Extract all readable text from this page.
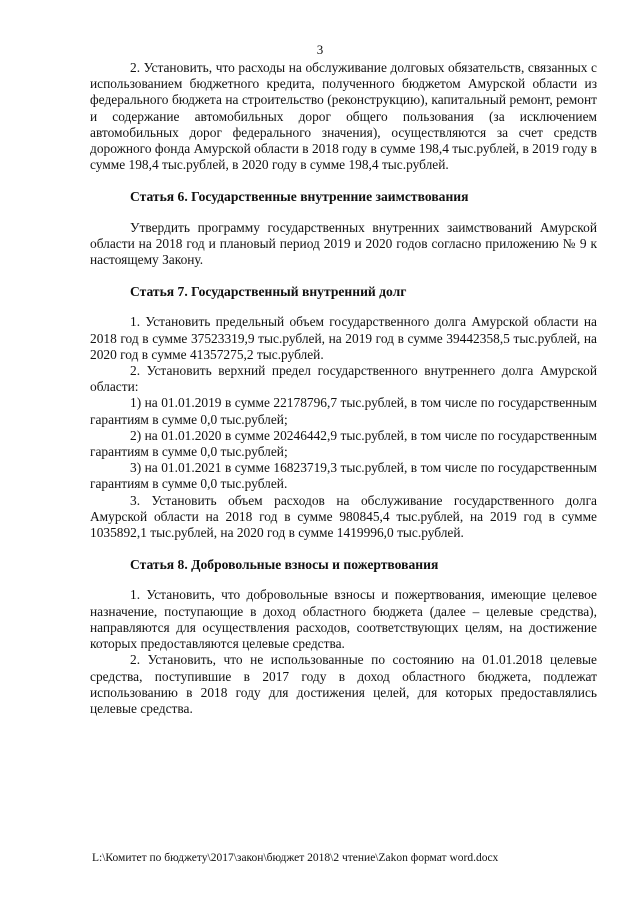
3

2. Установить, что расходы на обслуживание долговых обязательств, связанных с использованием бюджетного кредита, полученного бюджетом Амурской области из федерального бюджета на строительство (реконструкцию), капитальный ремонт, ремонт и содержание автомобильных дорог общего пользования (за исключением автомобильных дорог федерального значения), осуществляются за счет средств дорожного фонда Амурской области в 2018 году в сумме 198,4 тыс.рублей, в 2019 году в сумме 198,4 тыс.рублей, в 2020 году в сумме 198,4 тыс.рублей.

Статья 6. Государственные внутренние заимствования

Утвердить программу государственных внутренних заимствований Амурской области на 2018 год и плановый период 2019 и 2020 годов согласно приложению № 9 к настоящему Закону.

Статья 7. Государственный внутренний долг

1. Установить предельный объем государственного долга Амурской области на 2018 год в сумме 37523319,9 тыс.рублей, на 2019 год в сумме 39442358,5 тыс.рублей, на 2020 год в сумме 41357275,2 тыс.рублей.

2. Установить верхний предел государственного внутреннего долга Амурской области:

1) на 01.01.2019 в сумме 22178796,7 тыс.рублей, в том числе по государственным гарантиям в сумме 0,0 тыс.рублей;

2) на 01.01.2020 в сумме 20246442,9 тыс.рублей, в том числе по государственным гарантиям в сумме 0,0 тыс.рублей;

3) на 01.01.2021 в сумме 16823719,3 тыс.рублей, в том числе по государственным гарантиям в сумме 0,0 тыс.рублей.

3. Установить объем расходов на обслуживание государственного долга Амурской области на 2018 год в сумме 980845,4 тыс.рублей, на 2019 год в сумме 1035892,1 тыс.рублей, на 2020 год в сумме 1419996,0 тыс.рублей.

Статья 8. Добровольные взносы и пожертвования

1. Установить, что добровольные взносы и пожертвования, имеющие целевое назначение, поступающие в доход областного бюджета (далее – целевые средства), направляются для осуществления расходов, соответствующих целям, на достижение которых предоставляются целевые средства.

2. Установить, что не использованные по состоянию на 01.01.2018 целевые средства, поступившие в 2017 году в доход областного бюджета, подлежат использованию в 2018 году для достижения целей, для которых предоставлялись целевые средства.

L:\Комитет по бюджету\2017\закон\бюджет 2018\2 чтение\Zakon формат word.docx
